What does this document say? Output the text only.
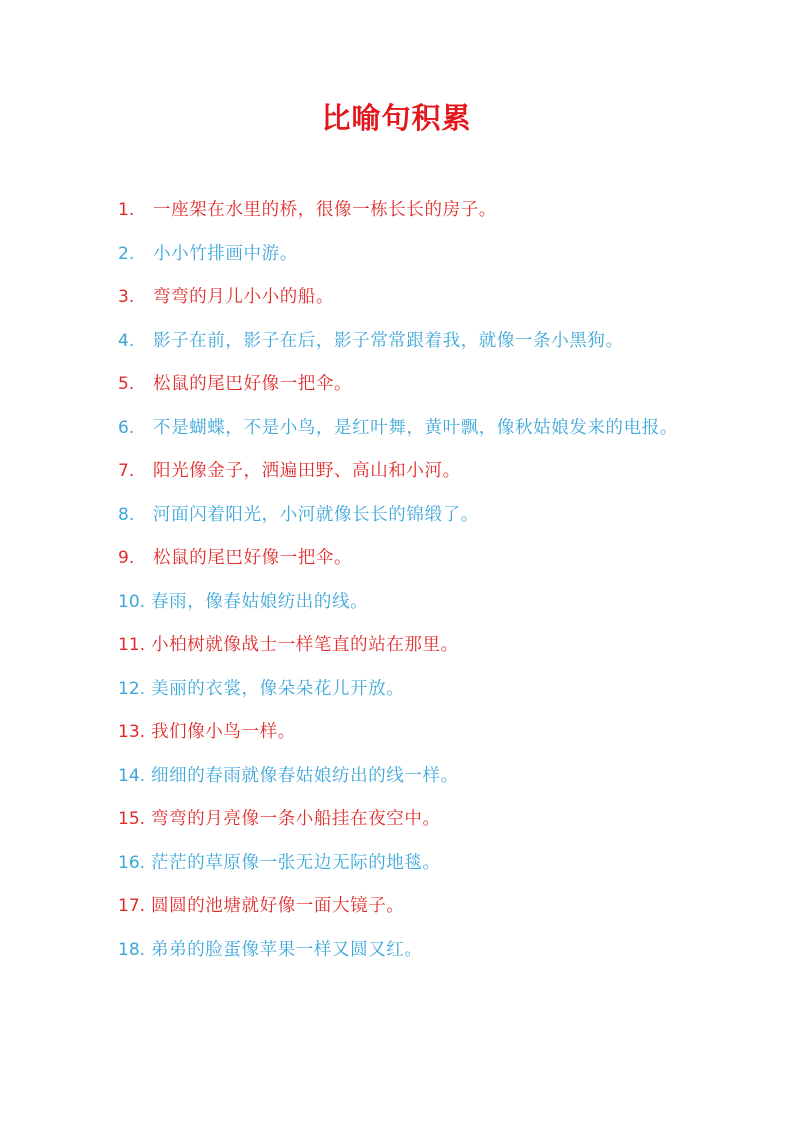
比喻句积累
1.	一座架在水里的桥，很像一栋长长的房子。
2.	小小竹排画中游。
3.	弯弯的月儿小小的船。
4.	影子在前，影子在后，影子常常跟着我，就像一条小黑狗。
5.	松鼠的尾巴好像一把伞。
6.	不是蝴蝶，不是小鸟，是红叶舞，黄叶飘，像秋姑娘发来的电报。
7.	阳光像金子，洒遍田野、高山和小河。
8.	河面闪着阳光，小河就像长长的锦缎了。
9.	松鼠的尾巴好像一把伞。
10. 春雨，像春姑娘纺出的线。
11. 小柏树就像战士一样笔直的站在那里。
12. 美丽的衣裳，像朵朵花儿开放。
13. 我们像小鸟一样。
14. 细细的春雨就像春姑娘纺出的线一样。
15. 弯弯的月亮像一条小船挂在夜空中。
16. 茫茫的草原像一张无边无际的地毯。
17. 圆圆的池塘就好像一面大镜子。
18. 弟弟的脸蛋像苹果一样又圆又红。
